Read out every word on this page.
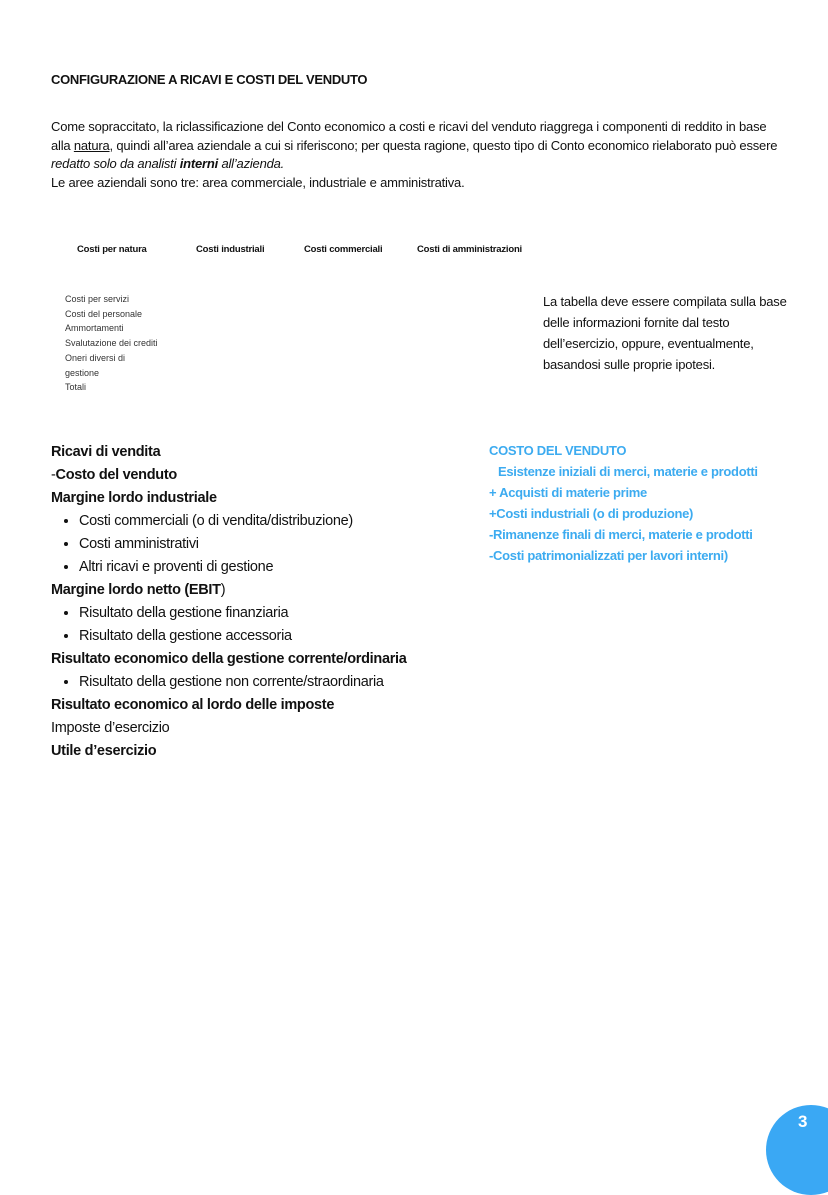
CONFIGURAZIONE A RICAVI E COSTI DEL VENDUTO
Come sopraccitato, la riclassificazione del Conto economico a costi e ricavi del venduto riaggrega i componenti di reddito in base alla natura, quindi all’area aziendale a cui si riferiscono; per questa ragione, questo tipo di Conto economico rielaborato può essere redatto solo da analisti interni all’azienda.
Le aree aziendali sono tre: area commerciale, industriale e amministrativa.
Costi per natura	Costi industriali	Costi commerciali	Costi di amministrazioni
Costi per servizi
Costi del personale
Ammortamenti
Svalutazione dei crediti
Oneri diversi di gestione
Totali
La tabella deve essere compilata sulla base delle informazioni fornite dal testo dell’esercizio, oppure, eventualmente, basandosi sulle proprie ipotesi.
Ricavi di vendita
-Costo del venduto
Margine lordo industriale
• Costi commerciali (o di vendita/distribuzione)
• Costi amministrativi
• Altri ricavi e proventi di gestione
Margine lordo netto (EBIT)
• Risultato della gestione finanziaria
• Risultato della gestione accessoria
Risultato economico della gestione corrente/ordinaria
• Risultato della gestione non corrente/straordinaria
Risultato economico al lordo delle imposte
Imposte d’esercizio
Utile d’esercizio
COSTO DEL VENDUTO
Esistenze iniziali di merci, materie e prodotti
+ Acquisti di materie prime
+Costi industriali (o di produzione)
-Rimanenze finali di merci, materie e prodotti
-Costi patrimonializzati per lavori interni)
3
